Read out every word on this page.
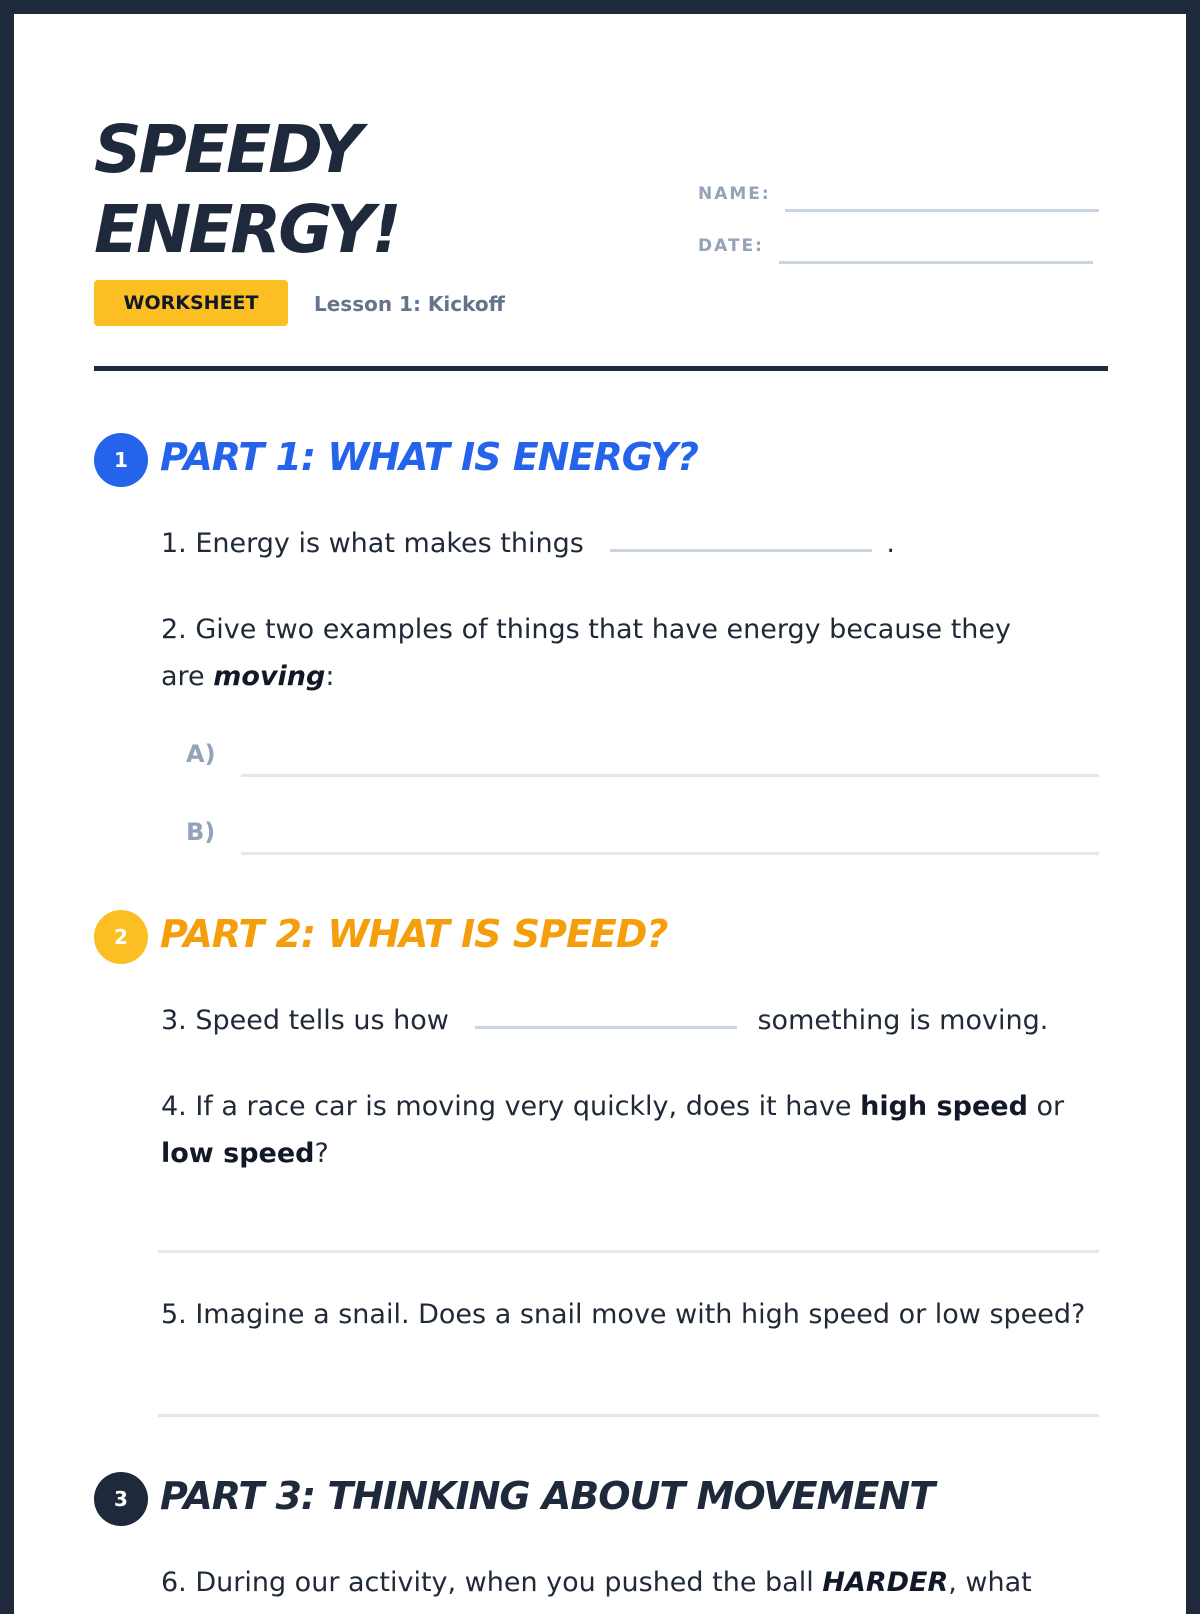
SPEEDY
ENERGY!	NAME:
DATE:
WORKSHEET	Lesson 1: Kickoff
1 PART 1: WHAT IS ENERGY?

1. Energy is what makes things	.

2. Give two examples of things that have energy because they are moving:

A)
B)
2 PART 2: WHAT IS SPEED?

3. Speed tells us how	something is moving.

4. If a race car is moving very quickly, does it have high speed or low speed?

5. Imagine a snail. Does a snail move with high speed or low speed?

3 PART 3: THINKING ABOUT MOVEMENT

6. During our activity, when you pushed the ball HARDER, what
